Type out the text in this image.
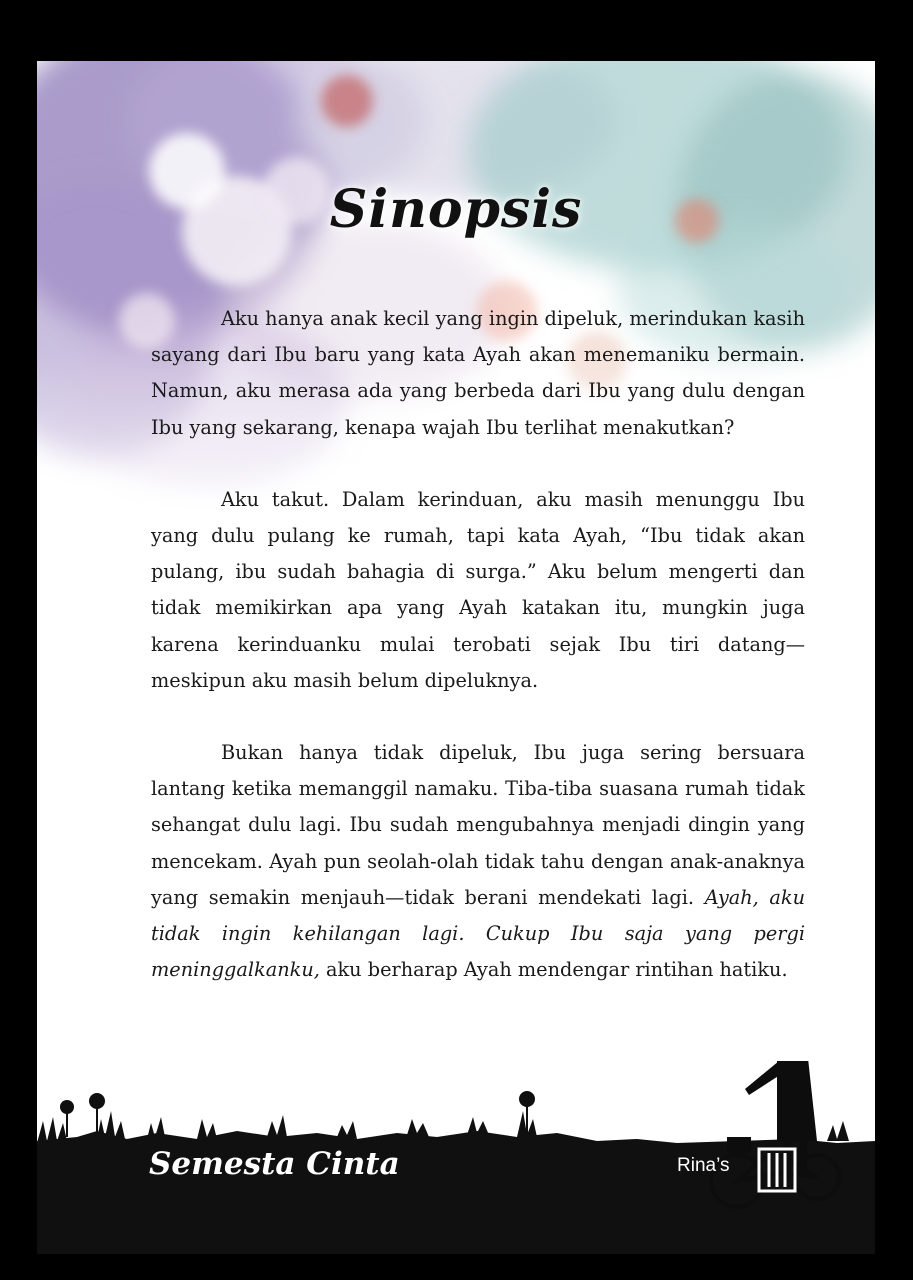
Sinopsis

Aku hanya anak kecil yang ingin dipeluk, merindukan kasih sayang dari Ibu baru yang kata Ayah akan menemaniku bermain. Namun, aku merasa ada yang berbeda dari Ibu yang dulu dengan Ibu yang sekarang, kenapa wajah Ibu terlihat menakutkan?

Aku takut. Dalam kerinduan, aku masih menunggu Ibu yang dulu pulang ke rumah, tapi kata Ayah, “Ibu tidak akan pulang, ibu sudah bahagia di surga.” Aku belum mengerti dan tidak memikirkan apa yang Ayah katakan itu, mungkin juga karena kerinduanku mulai terobati sejak Ibu tiri datang—meskipun aku masih belum dipeluknya.

Bukan hanya tidak dipeluk, Ibu juga sering bersuara lantang ketika memanggil namaku. Tiba-tiba suasana rumah tidak sehangat dulu lagi. Ibu sudah mengubahnya menjadi dingin yang mencekam. Ayah pun seolah-olah tidak tahu dengan anak-anaknya yang semakin menjauh—tidak berani mendekati lagi. Ayah, aku tidak ingin kehilangan lagi. Cukup Ibu saja yang pergi meninggalkanku, aku berharap Ayah mendengar rintihan hatiku.

Semesta Cinta	Rina’s
